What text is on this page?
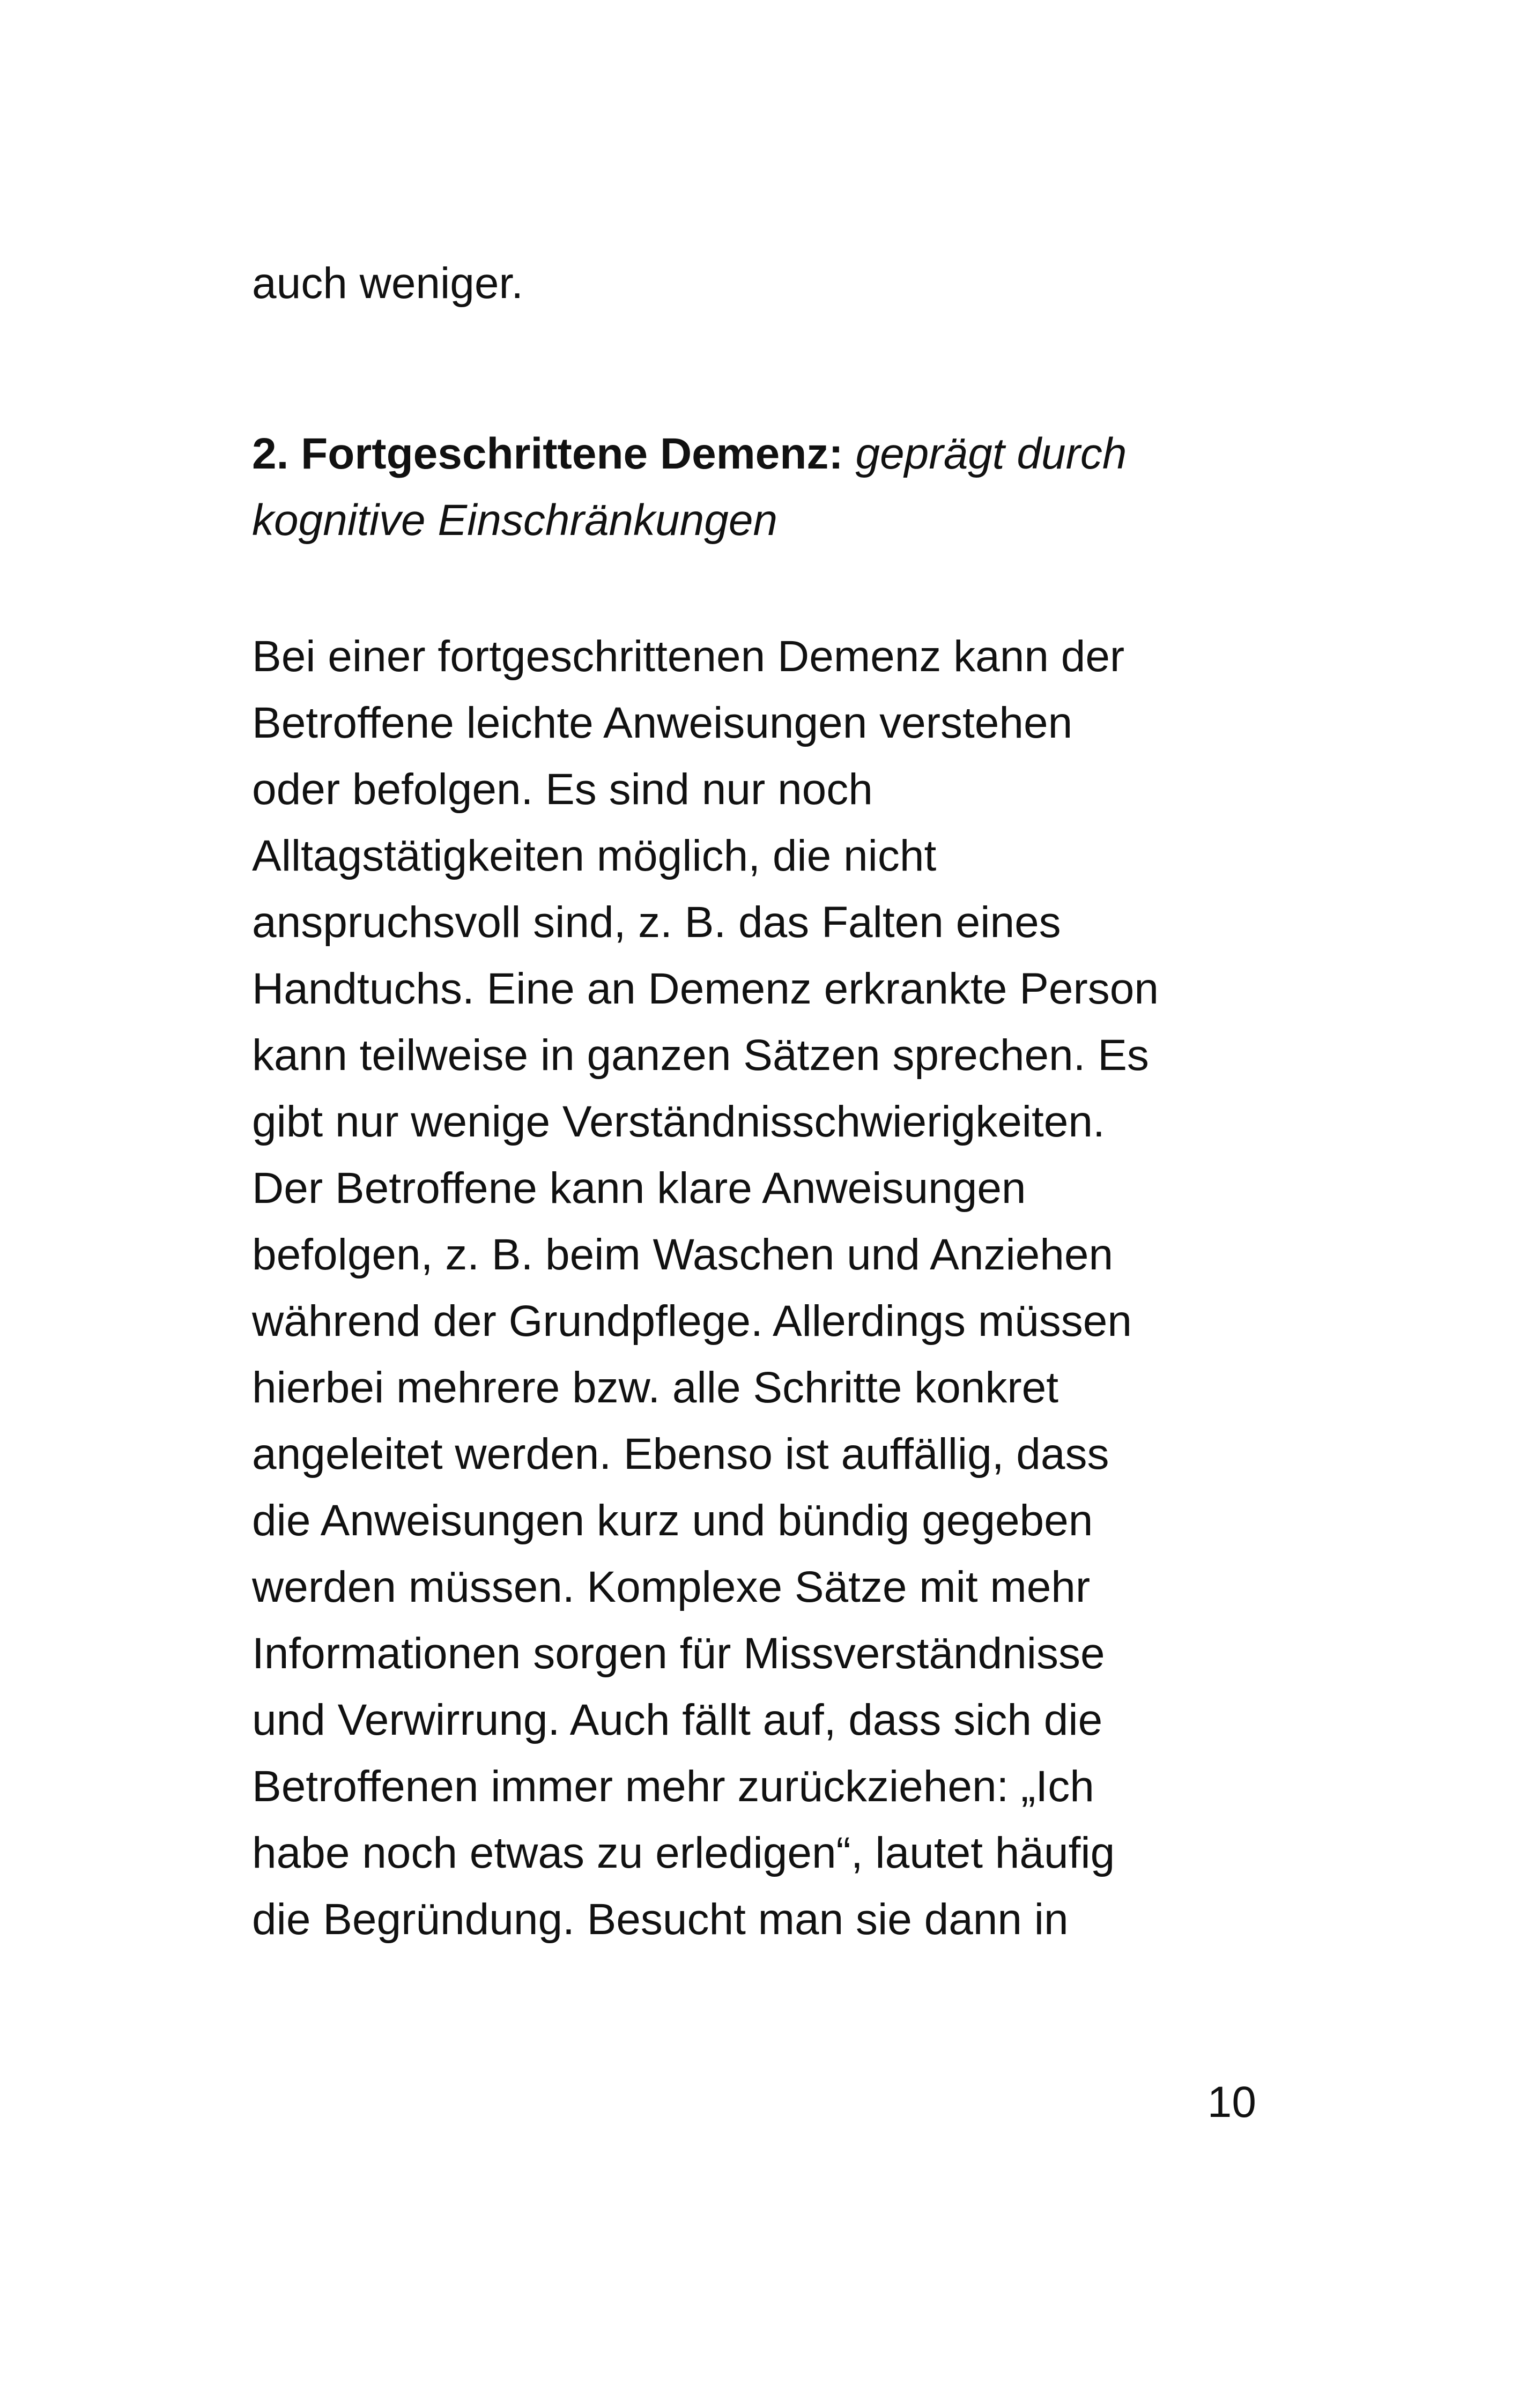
auch weniger.
2. Fortgeschrittene Demenz: geprägt durch
kognitive Einschränkungen
Bei einer fortgeschrittenen Demenz kann der
Betroffene leichte Anweisungen verstehen
oder befolgen. Es sind nur noch
Alltagstätigkeiten möglich, die nicht
anspruchsvoll sind, z. B. das Falten eines
Handtuchs. Eine an Demenz erkrankte Person
kann teilweise in ganzen Sätzen sprechen. Es
gibt nur wenige Verständnisschwierigkeiten.
Der Betroffene kann klare Anweisungen
befolgen, z. B. beim Waschen und Anziehen
während der Grundpflege. Allerdings müssen
hierbei mehrere bzw. alle Schritte konkret
angeleitet werden. Ebenso ist auffällig, dass
die Anweisungen kurz und bündig gegeben
werden müssen. Komplexe Sätze mit mehr
Informationen sorgen für Missverständnisse
und Verwirrung. Auch fällt auf, dass sich die
Betroffenen immer mehr zurückziehen: „Ich
habe noch etwas zu erledigen“, lautet häufig
die Begründung. Besucht man sie dann in
10
